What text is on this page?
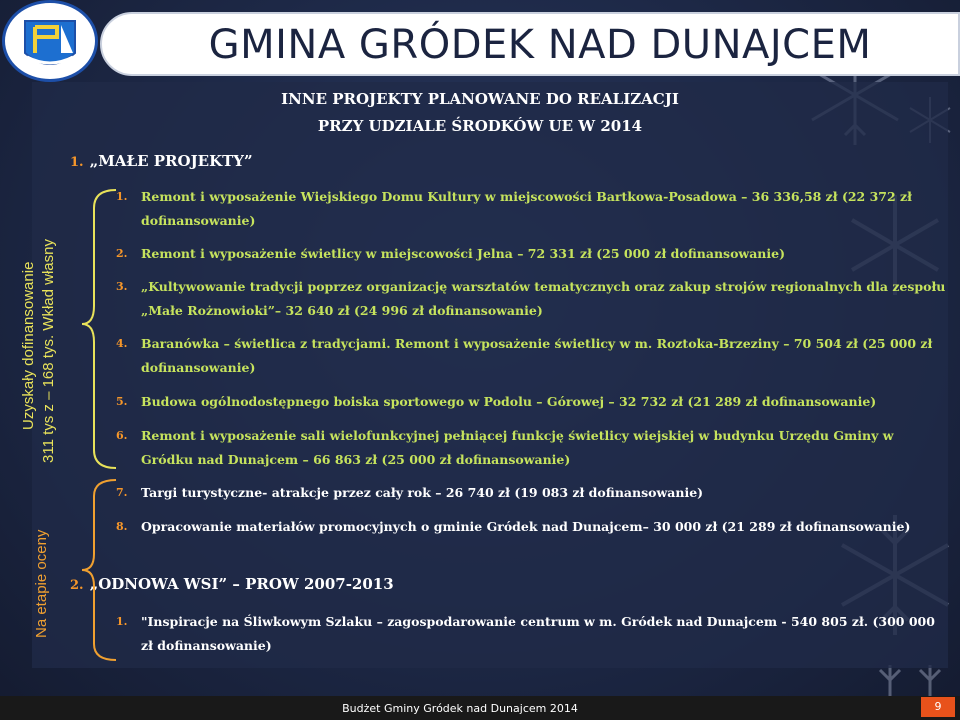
GMINA GRÓDEK NAD DUNAJCEM
INNE PROJEKTY PLANOWANE DO REALIZACJI
PRZY UDZIALE ŚRODKÓW UE W 2014
1. „MAŁE PROJEKTY”
1.	Remont i wyposażenie Wiejskiego Domu Kultury w miejscowości Bartkowa-Posadowa – 36 336,58 zł (22 372 zł dofinansowanie)
2.	Remont i wyposażenie świetlicy w miejscowości Jelna – 72 331 zł (25 000 zł dofinansowanie)
3.	„Kultywowanie tradycji poprzez organizację warsztatów tematycznych oraz zakup strojów regionalnych dla zespołu „Małe Rożnowioki”– 32 640 zł (24 996 zł dofinansowanie)
4.	Baranówka – świetlica z tradycjami. Remont i wyposażenie świetlicy w m. Roztoka-Brzeziny – 70 504 zł (25 000 zł dofinansowanie)
5.	Budowa ogólnodostępnego boiska sportowego w Podolu – Górowej – 32 732 zł (21 289 zł dofinansowanie)
6.	Remont i wyposażenie sali wielofunkcyjnej pełniącej funkcję świetlicy wiejskiej w budynku Urzędu Gminy w Gródku nad Dunajcem – 66 863 zł (25 000 zł dofinansowanie)
7.	Targi turystyczne- atrakcje przez cały rok – 26 740 zł (19 083 zł dofinansowanie)
8.	Opracowanie materiałów promocyjnych o gminie Gródek nad Dunajcem– 30 000 zł (21 289 zł dofinansowanie)
2. „ODNOWA WSI” – PROW 2007-2013
1.	"Inspiracje na Śliwkowym Szlaku – zagospodarowanie centrum w m. Gródek nad Dunajcem - 540 805 zł. (300 000 zł dofinansowanie)
Uzyskały dofinansowanie 311 tys z – 168 tys. Wkład własny
Na etapie oceny
Budżet Gminy Gródek nad Dunajcem 2014	9
